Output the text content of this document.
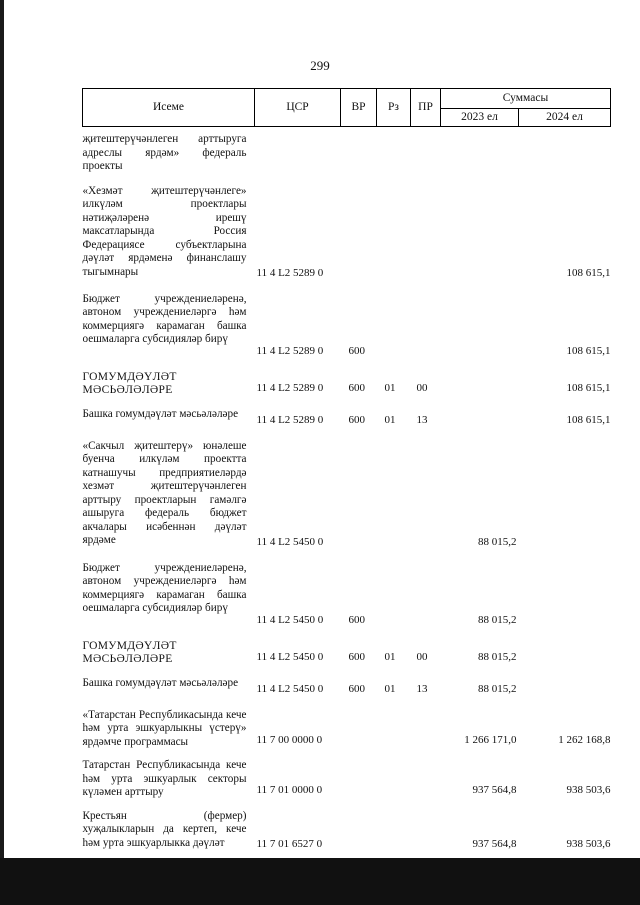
299
Исеме	ЦСР	ВР	Рз	ПР	Суммасы	
					2023 ел	2024 ел
җитештерүчәнлеген арттыруга адреслы ярдәм» федераль проекты						
«Хезмәт җитештерүчәнлеге» илкүләм проектлары нәтиҗәләренә ирешү максатларында Россия Федерациясе субъектларына дәүләт ярдәменә финанслашу тыгымнары	11 4 L2 5289 0					108 615,1
Бюджет учреждениеләренә, автоном учреждениеләргә һәм коммерциягә карамаган башка оешмаларга субсидияләр бирү	11 4 L2 5289 0	600				108 615,1
ГОМУМДӘҮЛӘТ МӘСЬӘЛӘЛӘРЕ	11 4 L2 5289 0	600	01	00		108 615,1
Башка гомумдәүләт мәсьәләләре	11 4 L2 5289 0	600	01	13		108 615,1
«Сакчыл җитештерү» юнәлеше буенча илкүләм проектта катнашучы предприятиеләрдә хезмәт җитештерүчәнлеген арттыру проектларын гамәлгә ашыруга федераль бюджет акчалары исәбеннән дәүләт ярдәме	11 4 L2 5450 0				88 015,2	
Бюджет учреждениеләренә, автоном учреждениеләргә һәм коммерциягә карамаган башка оешмаларга субсидияләр бирү	11 4 L2 5450 0	600			88 015,2	
ГОМУМДӘҮЛӘТ МӘСЬӘЛӘЛӘРЕ	11 4 L2 5450 0	600	01	00	88 015,2	
Башка гомумдәүләт мәсьәләләре	11 4 L2 5450 0	600	01	13	88 015,2	
«Татарстан Республикасында кече һәм урта эшкуарлыкны үстерү» ярдәмче программасы	11 7 00 0000 0				1 266 171,0	1 262 168,8
Татарстан Республикасында кече һәм урта эшкуарлык секторы күләмен арттыру	11 7 01 0000 0				937 564,8	938 503,6
Крестьян (фермер) хуҗалыкларын да кертеп, кече һәм урта эшкуарлыкка дәүләт	11 7 01 6527 0				937 564,8	938 503,6
